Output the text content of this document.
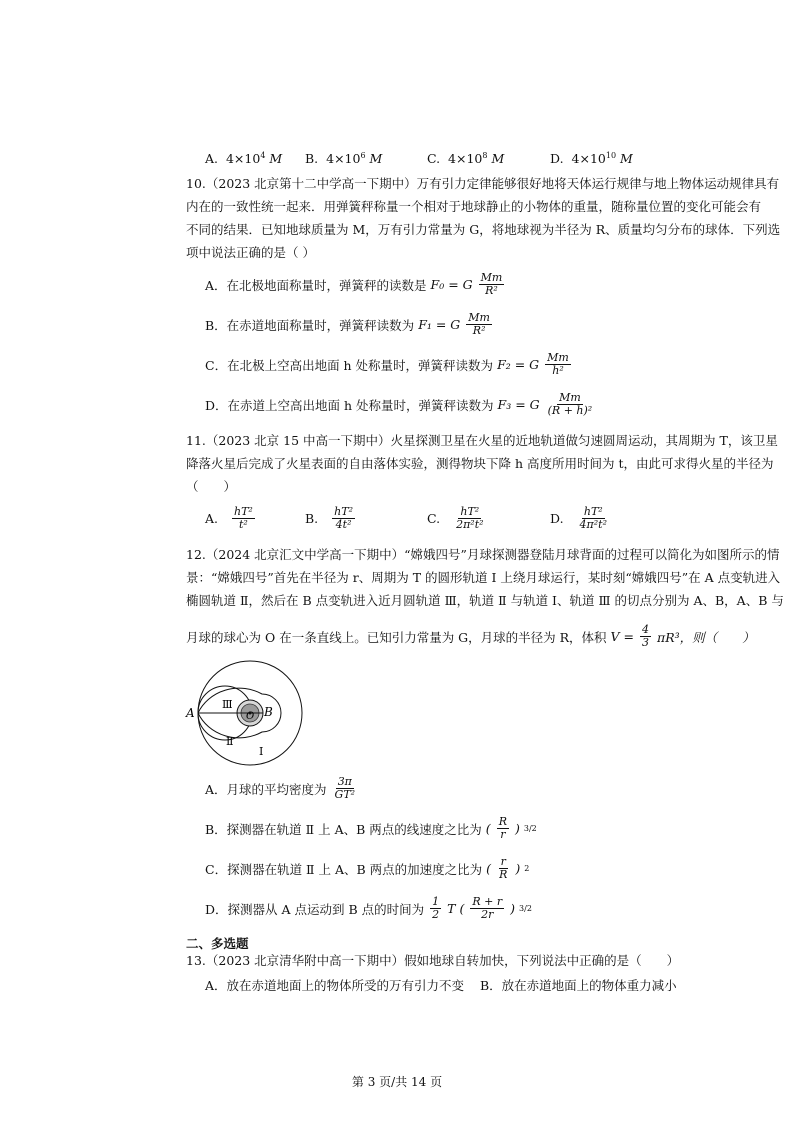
A. $4\times 10^4$ M B. $4\times 10^6$ M	C. $4\times 10^8$ M	D. $4\times 10^{10}$ M
10.（2023 北京第十二中学高一下期中）万有引力定律能够很好地将天体运行规律与地上物体运动规律具有
内在的一致性统一起来．用弹簧秤称量一个相对于地球静止的小物体的重量，随称量位置的变化可能会有
不同的结果．已知地球质量为 M，万有引力常量为 G，将地球视为半径为 R、质量均匀分布的球体．下列选
项中说法正确的是（ ）
A．在北极地面称量时，弹簧秤的读数是 F₀ = G $\frac{Mm}{\text{R²}}$
B．在赤道地面称量时，弹簧秤读数为 F₁ = G $\frac{Mm}{\text{R²}}$
C．在北极上空高出地面 h 处称量时，弹簧秤读数为 F₂ = G $\frac{Mm}{\text{h²}}$
D．在赤道上空高出地面 h 处称量时，弹簧秤读数为 F₃ = G $\frac{Mm}{\text{(R + h)²}}$
11.（2023 北京 15 中高一下期中）火星探测卫星在火星的近地轨道做匀速圆周运动，其周期为 T，该卫星
降落火星后完成了火星表面的自由落体实验，测得物块下降 h 高度所用时间为 t，由此可求得火星的半径为
（　　）
A.
$\frac{\text{hT²}}{\text{t²}}$	B.
$\frac{\text{hT²}}{\text{4t²}}$	C.
$\frac{\text{hT²}}{\text{2π²t²}}$	D.
$\frac{\text{hT²}}{\text{4π²t²}}$
12.（2024 北京汇文中学高一下期中）“嫦娥四号”月球探测器登陆月球背面的过程可以简化为如图所示的情
景：“嫦娥四号”首先在半径为 r、周期为 T 的圆形轨道 Ⅰ 上绕月球运行，某时刻“嫦娥四号”在 A 点变轨进入
椭圆轨道 Ⅱ，然后在 B 点变轨进入近月圆轨道 Ⅲ，轨道 Ⅱ 与轨道 Ⅰ、轨道 Ⅲ 的切点分别为 A、B，A、B 与
月球的球心为 O 在一条直线上。已知引力常量为 G，月球的半径为 R，体积 $V = \frac{4}{3} \pi R^3$，则（　　）
A	B
O
Ⅲ
Ⅱ
Ⅰ
A．月球的平均密度为 $\frac{3\pi}{\text{GT²}}$
B．探测器在轨道 Ⅱ 上 A、B 两点的线速度之比为 ( $\frac{R}{r}$ ) 3/2
C．探测器在轨道 Ⅱ 上 A、B 两点的加速度之比为 ( $\frac{r}{R}$ ) 2
D．探测器从 A 点运动到 B 点的时间为 $\frac{1}{2}$ T ( $\frac{R + r}{2r}$ ) 3/2
二、多选题
13.（2023 北京清华附中高一下期中）假如地球自转加快，下列说法中正确的是（　　）
A．放在赤道地面上的物体所受的万有引力不变 B．放在赤道地面上的物体重力减小
第 3 页/共 14 页
